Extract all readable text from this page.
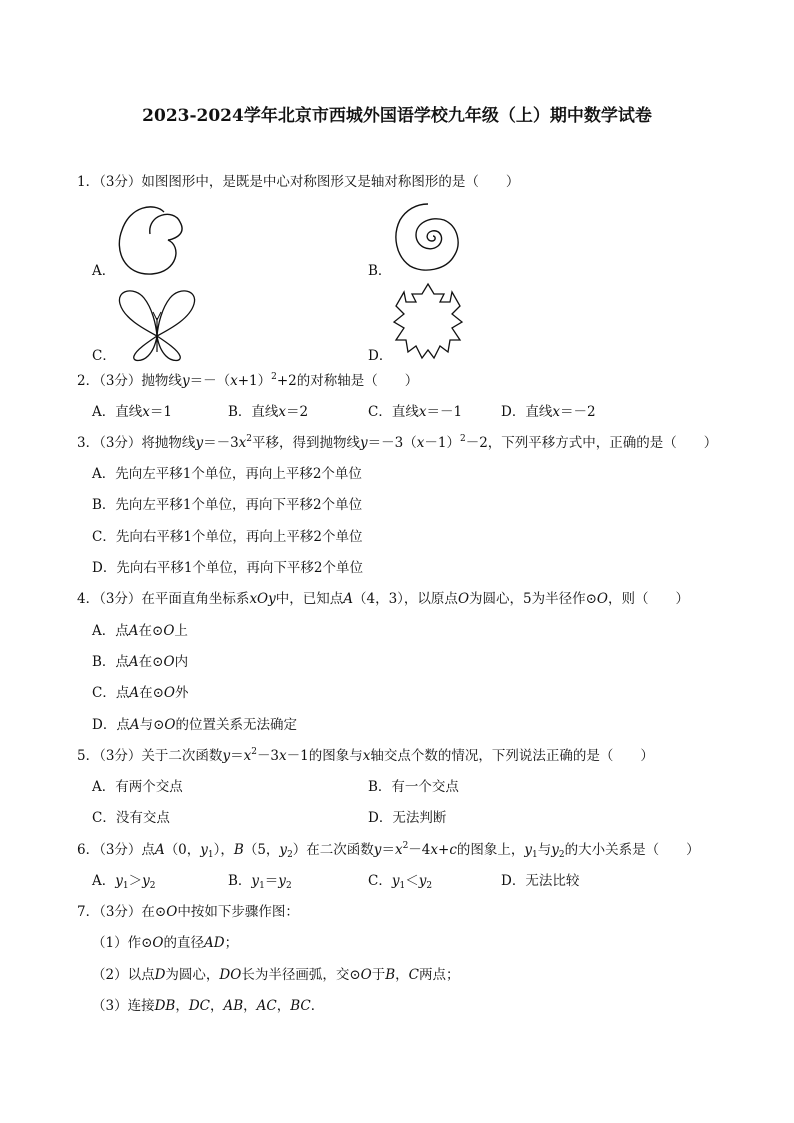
2023-2024学年北京市西城外国语学校九年级（上）期中数学试卷
1．（3分）如图图形中，是既是中心对称图形又是轴对称图形的是（　　）
A．	B．
C．	D．
2．（3分）抛物线$y=-(x+1)^2+2$的对称轴是（　　）
A．直线x＝1	B．直线x＝2	C．直线x＝－1	D．直线x＝－2
3．（3分）将抛物线$y=-3x^2$平移，得到抛物线$y=-3(x-1)^2-2$，下列平移方式中，正确的是（　　）
A．先向左平移1个单位，再向上平移2个单位
B．先向左平移1个单位，再向下平移2个单位
C．先向右平移1个单位，再向上平移2个单位
D．先向右平移1个单位，再向下平移2个单位
4．（3分）在平面直角坐标系xOy中，已知点A（4，3），以原点O为圆心，5为半径作⊙O，则（　　）
A．点A在⊙O上
B．点A在⊙O内
C．点A在⊙O外
D．点A与⊙O的位置关系无法确定
5．（3分）关于二次函数$y=x^2-3x-1$的图象与x轴交点个数的情况，下列说法正确的是（　　）
A．有两个交点	B．有一个交点
C．没有交点	D．无法判断
6．（3分）点A（0，$y_1$），B（5，$y_2$）在二次函数$y=x^2-4x+c$的图象上，$y_1$与$y_2$的大小关系是（　　）
A．$y_1>y_2$	B．$y_1=y_2$	C．$y_1<y_2$	D．无法比较
7．（3分）在⊙O中按如下步骤作图：
（1）作⊙O的直径AD；
（2）以点D为圆心，DO长为半径画弧，交⊙O于B，C两点；
（3）连接DB，DC，AB，AC，BC．
